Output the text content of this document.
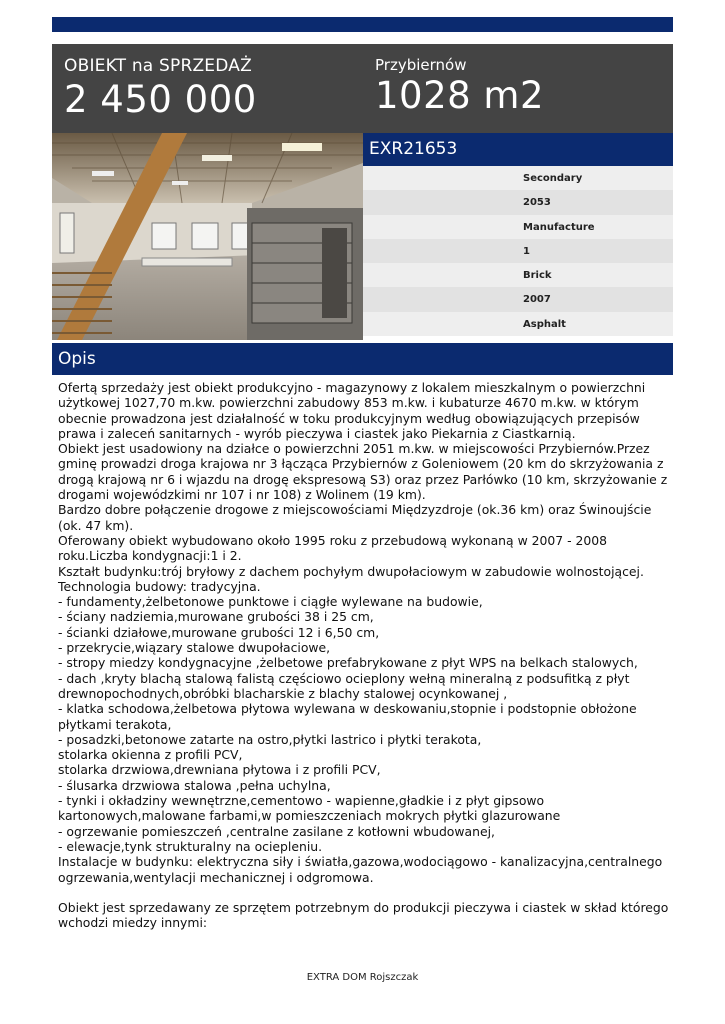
OBIEKT na SPRZEDAŻ
2 450 000
Przybiernów
1028 m2
EXR21653
Secondary
2053
Manufacture
1
Brick
2007
Asphalt
Opis
Ofertą sprzedaży jest obiekt produkcyjno - magazynowy z lokalem mieszkalnym o powierzchni
użytkowej 1027,70 m.kw. powierzchni zabudowy 853 m.kw. i kubaturze 4670 m.kw. w którym
obecnie prowadzona jest działalność w toku produkcyjnym według obowiązujących przepisów
prawa i zaleceń sanitarnych - wyrób pieczywa i ciastek jako Piekarnia z Ciastkarnią.
Obiekt jest usadowiony na działce o powierzchni 2051 m.kw. w miejscowości Przybiernów.Przez
gminę prowadzi droga krajowa nr 3 łącząca Przybiernów z Goleniowem (20 km do skrzyżowania z
drogą krajową nr 6 i wjazdu na drogę ekspresową S3) oraz przez Parłówko (10 km, skrzyżowanie z
drogami wojewódzkimi nr 107 i nr 108) z Wolinem (19 km).
Bardzo dobre połączenie drogowe z miejscowościami Międzyzdroje (ok.36 km) oraz Świnoujście
(ok. 47 km).
Oferowany obiekt wybudowano około 1995 roku z przebudową wykonaną w 2007 - 2008
roku.Liczba kondygnacji:1 i 2.
Kształt budynku:trój bryłowy z dachem pochyłym dwupołaciowym w zabudowie wolnostojącej.
Technologia budowy: tradycyjna.
- fundamenty,żelbetonowe punktowe i ciągłe wylewane na budowie,
- ściany nadziemia,murowane grubości 38 i 25 cm,
- ścianki działowe,murowane grubości 12 i 6,50 cm,
- przekrycie,wiązary stalowe dwupołaciowe,
- stropy miedzy kondygnacyjne ,żelbetowe prefabrykowane z płyt WPS na belkach stalowych,
- dach ,kryty blachą stalową falistą częściowo ocieplony wełną mineralną z podsufitką z płyt
drewnopochodnych,obróbki blacharskie z blachy stalowej ocynkowanej ,
- klatka schodowa,żelbetowa płytowa wylewana w deskowaniu,stopnie i podstopnie obłożone
płytkami terakota,
- posadzki,betonowe zatarte na ostro,płytki lastrico i płytki terakota,
stolarka okienna z profili PCV,
stolarka drzwiowa,drewniana płytowa i z profili PCV,
- ślusarka drzwiowa stalowa ,pełna uchylna,
- tynki i okładziny wewnętrzne,cementowo - wapienne,gładkie i z płyt gipsowo
kartonowych,malowane farbami,w pomieszczeniach mokrych płytki glazurowane
- ogrzewanie pomieszczeń ,centralne zasilane z kotłowni wbudowanej,
- elewacje,tynk strukturalny na ociepleniu.
Instalacje w budynku: elektryczna siły i światła,gazowa,wodociągowo - kanalizacyjna,centralnego
ogrzewania,wentylacji mechanicznej i odgromowa.
Obiekt jest sprzedawany ze sprzętem potrzebnym do produkcji pieczywa i ciastek w skład którego
wchodzi miedzy innymi:
EXTRA DOM Rojszczak
